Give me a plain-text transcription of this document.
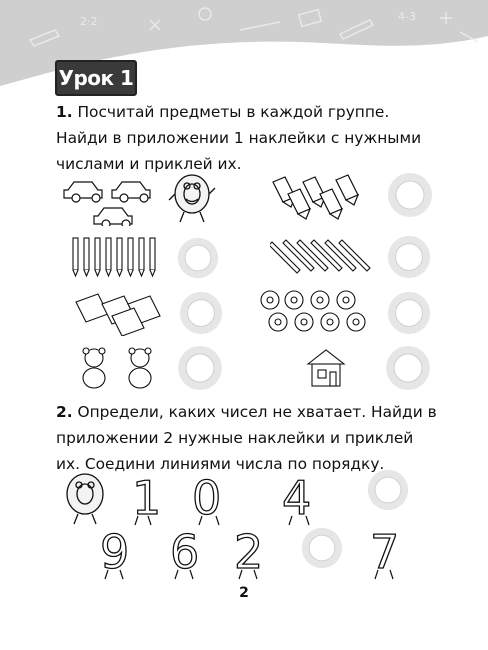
2·2	4-3
Урок 1
1. Посчитай предметы в каждой группе. Найди в приложении 1 наклейки с нужными числами и приклей их.
2. Определи, каких чисел не хватает. Найди в приложении 2 нужные наклейки и приклей их. Соедини линиями числа по порядку.
1 0 4
9 6 2 7
2
